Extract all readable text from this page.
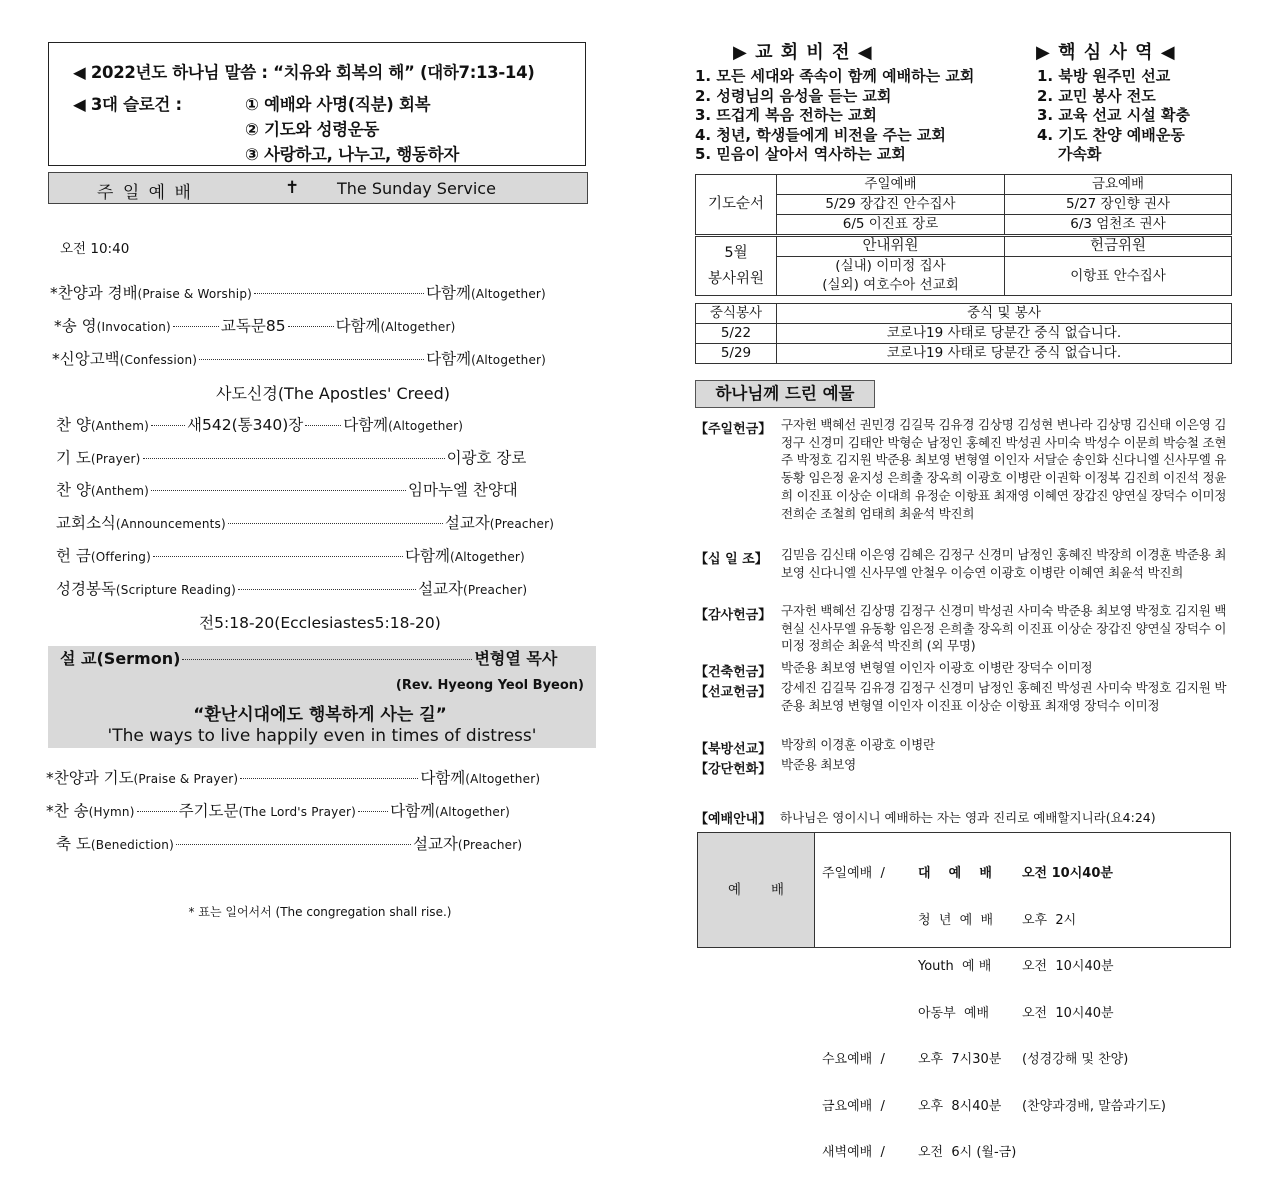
◀ 2022년도 하나님 말씀 : “치유와 회복의 해” (대하7:13-14)
◀ 3대 슬로건 :	① 예배와 사명(직분) 회복
② 기도와 성령운동
③ 사랑하고, 나누고, 행동하자
주 일 예 배	✝ The Sunday Service
오전 10:40
*찬양과 경배(Praise & Worship)	다함께(Altogether)
*송 영(Invocation)	교독문85	다함께(Altogether)
*신앙고백(Confession)	다함께(Altogether)
사도신경(The Apostles' Creed)
찬 양(Anthem) 새542(통340)장	다함께(Altogether)
기 도(Prayer)	이광호 장로
찬 양(Anthem)	임마누엘 찬양대
교회소식(Announcements)	설교자(Preacher)
헌 금(Offering)	다함께(Altogether)
성경봉독(Scripture Reading)	설교자(Preacher)
전5:18-20(Ecclesiastes5:18-20)
설 교(Sermon)	변형열 목사
(Rev. Hyeong Yeol Byeon)
“환난시대에도 행복하게 사는 길”
'The ways to live happily even in times of distress'
*찬양과 기도(Praise & Prayer)	다함께(Altogether)
*찬 송(Hymn)	주기도문(The Lord's Prayer) 다함께(Altogether)
축 도(Benediction)	설교자(Preacher)
* 표는 일어서서 (The congregation shall rise.)
▶ 교 회 비 전 ◀
1. 모든 세대와 족속이 함께 예배하는 교회
2. 성령님의 음성을 듣는 교회
3. 뜨겁게 복음 전하는 교회
4. 청년, 학생들에게 비전을 주는 교회
5. 믿음이 살아서 역사하는 교회
▶ 핵 심 사 역 ◀
1. 북방 원주민 선교
2. 교민 봉사 전도
3. 교육 선교 시설 확충
4. 기도 찬양 예배운동
가속화
기도순서	주일예배	금요예배
	5/29 장갑진 안수집사	5/27 장인향 권사
	6/5 이진표 장로	6/3 엄천조 권사
5월
봉사위원	안내위원	헌금위원
	(실내) 이미정 집사	이항표 안수집사
	(실외) 여호수아 선교회	
중식봉사	중식 및 봉사
5/22	코로나19 사태로 당분간 중식 없습니다.
5/29	코로나19 사태로 당분간 중식 없습니다.
하나님께 드린 예물
【주일헌금】 구자헌 백혜선 권민경 김길묵 김유경 김상명 김성현 변나라 김상명 김신태 이은영 김정구 신경미 김태안 박형순 남정인 홍혜진 박성권 사미숙 박성수 이문희 박승철 조현주 박정호 김지원 박준용 최보영 변형열 이인자 서달순 송인화 신다니엘 신사무엘 유동황 임은정 윤지성 은희출 장옥희 이광호 이병란 이권학 이정복 김진희 이진석 정윤희 이진표 이상순 이대희 유정순 이항표 최재영 이혜연 장갑진 양연실 장덕수 이미정 전희순 조철희 엄태희 최윤석 박진희
【십 일 조】 김믿음 김신태 이은영 김혜은 김정구 신경미 남정인 홍혜진 박장희 이경훈 박준용 최보영 신다니엘 신사무엘 안철우 이승연 이광호 이병란 이혜연 최윤석 박진희
【감사헌금】 구자헌 백혜선 김상명 김정구 신경미 박성권 사미숙 박준용 최보영 박정호 김지원 백현실 신사무엘 유동황 임은정 은희출 장옥희 이진표 이상순 장갑진 양연실 장덕수 이미정 정희순 최윤석 박진희 (외 무명)
【건축헌금】 박준용 최보영 변형열 이인자 이광호 이병란 장덕수 이미정
【선교헌금】 강세진 김길묵 김유경 김정구 신경미 남정인 홍혜진 박성권 사미숙 박정호 김지원 박준용 최보영 변형열 이인자 이진표 이상순 이항표 최재영 장덕수 이미정
【북방선교】 박장희 이경훈 이광호 이병란
【강단헌화】 박준용 최보영
【예배안내】 하나님은 영이시니 예배하는 자는 영과 진리로 예배할지니라(요4:24)
예       배

주일예배  /	대    예    배 오전 10시40분

청  년  예  배 오후  2시

Youth  예 배 오전  10시40분

아동부  예배	오전  10시40분

수요예배  /	오후  7시30분 (성경강해 및 찬양)

금요예배  /	오후  8시40분 (찬양과경배, 말씀과기도)

새벽예배  /	오전  6시 (월-금)
